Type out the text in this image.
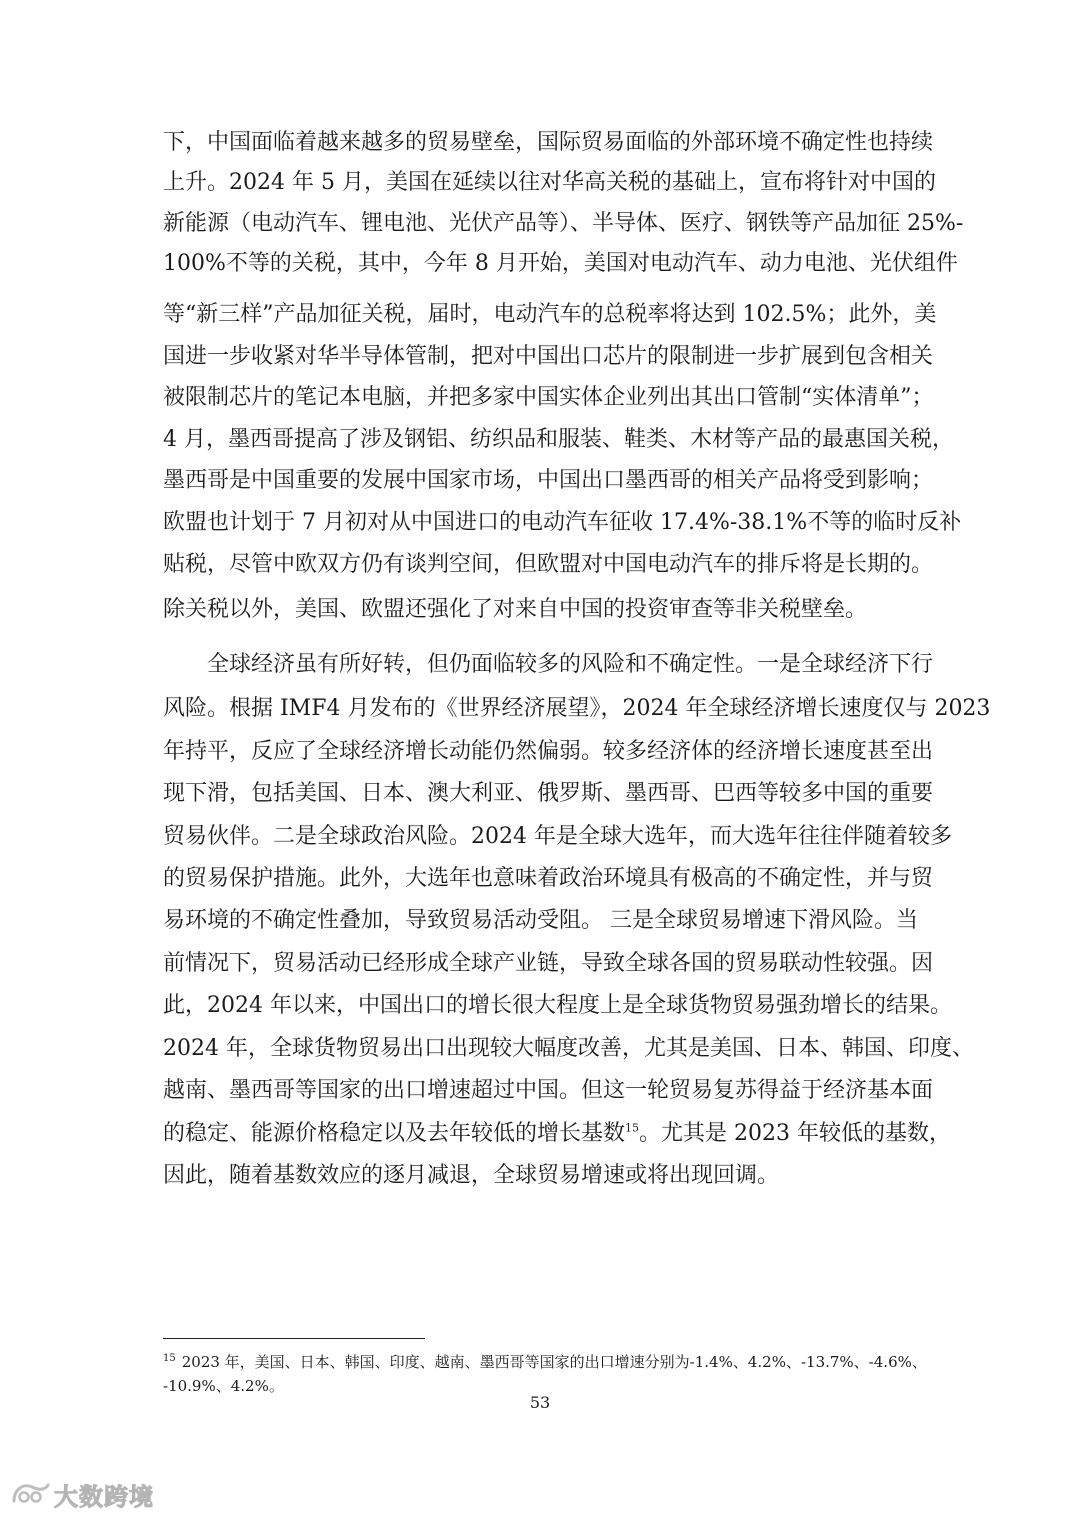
下，中国面临着越来越多的贸易壁垒，国际贸易面临的外部环境不确定性也持续
上升。2024 年 5 月，美国在延续以往对华高关税的基础上，宣布将针对中国的
新能源（电动汽车、锂电池、光伏产品等）、半导体、医疗、钢铁等产品加征 25%-
100%不等的关税，其中，今年 8 月开始，美国对电动汽车、动力电池、光伏组件
等“新三样”产品加征关税，届时，电动汽车的总税率将达到 102.5%；此外，美
国进一步收紧对华半导体管制，把对中国出口芯片的限制进一步扩展到包含相关
被限制芯片的笔记本电脑，并把多家中国实体企业列出其出口管制“实体清单”；
4 月，墨西哥提高了涉及钢铝、纺织品和服装、鞋类、木材等产品的最惠国关税，
墨西哥是中国重要的发展中国家市场，中国出口墨西哥的相关产品将受到影响；
欧盟也计划于 7 月初对从中国进口的电动汽车征收 17.4%-38.1%不等的临时反补
贴税，尽管中欧双方仍有谈判空间，但欧盟对中国电动汽车的排斥将是长期的。
除关税以外，美国、欧盟还强化了对来自中国的投资审查等非关税壁垒。
全球经济虽有所好转，但仍面临较多的风险和不确定性。一是全球经济下行
风险。根据 IMF4 月发布的《世界经济展望》，2024 年全球经济增长速度仅与 2023
年持平，反应了全球经济增长动能仍然偏弱。较多经济体的经济增长速度甚至出
现下滑，包括美国、日本、澳大利亚、俄罗斯、墨西哥、巴西等较多中国的重要
贸易伙伴。二是全球政治风险。2024 年是全球大选年，而大选年往往伴随着较多
的贸易保护措施。此外，大选年也意味着政治环境具有极高的不确定性，并与贸
易环境的不确定性叠加，导致贸易活动受阻。 三是全球贸易增速下滑风险。当
前情况下，贸易活动已经形成全球产业链，导致全球各国的贸易联动性较强。因
此，2024 年以来，中国出口的增长很大程度上是全球货物贸易强劲增长的结果。
2024 年，全球货物贸易出口出现较大幅度改善，尤其是美国、日本、韩国、印度、
越南、墨西哥等国家的出口增速超过中国。但这一轮贸易复苏得益于经济基本面
的稳定、能源价格稳定以及去年较低的增长基数$^{15}$。尤其是 2023 年较低的基数，
因此，随着基数效应的逐月减退，全球贸易增速或将出现回调。
$^{15}$ 2023 年，美国、日本、韩国、印度、越南、墨西哥等国家的出口增速分别为-1.4%、4.2%、-13.7%、-4.6%、
-10.9%、4.2%。
53
大数跨境
